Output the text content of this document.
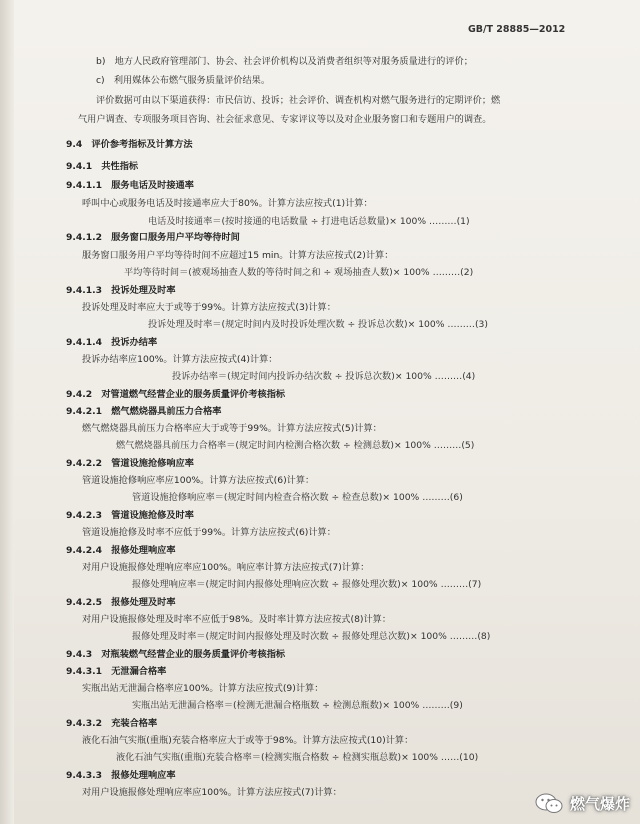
GB/T 28885—2012
b)　地方人民政府管理部门、协会、社会评价机构以及消费者组织等对服务质量进行的评价；
c)　利用媒体公布燃气服务质量评价结果。
评价数据可由以下渠道获得：市民信访、投诉；社会评价、调查机构对燃气服务进行的定期评价；燃
气用户调查、专项服务项目咨询、社会征求意见、专家评议等以及对企业服务窗口和专题用户的调查。
9.4　评价参考指标及计算方法
9.4.1　共性指标
9.4.1.1　服务电话及时接通率
呼叫中心或服务电话及时接通率应大于80%。计算方法应按式(1)计算：
电话及时接通率＝(按时接通的电话数量 ÷ 打进电话总数量)× 100% ………(1)
9.4.1.2　服务窗口服务用户平均等待时间
服务窗口服务用户平均等待时间不应超过15 min。计算方法应按式(2)计算：
平均等待时间＝(被观场抽查人数的等待时间之和 ÷ 观场抽查人数)× 100% ………(2)
9.4.1.3　投诉处理及时率
投诉处理及时率应大于或等于99%。计算方法应按式(3)计算：
投诉处理及时率＝(规定时间内及时投诉处理次数 ÷ 投诉总次数)× 100% ………(3)
9.4.1.4　投诉办结率
投诉办结率应100%。计算方法应按式(4)计算：
投诉办结率＝(规定时间内投诉办结次数 ÷ 投诉总次数)× 100% ………(4)
9.4.2　对管道燃气经营企业的服务质量评价考核指标
9.4.2.1　燃气燃烧器具前压力合格率
燃气燃烧器具前压力合格率应大于或等于99%。计算方法应按式(5)计算：
燃气燃烧器具前压力合格率＝(规定时间内检测合格次数 ÷ 检测总数)× 100% ………(5)
9.4.2.2　管道设施抢修响应率
管道设施抢修响应率应100%。计算方法应按式(6)计算：
管道设施抢修响应率＝(规定时间内检查合格次数 ÷ 检查总数)× 100% ………(6)
9.4.2.3　管道设施抢修及时率
管道设施抢修及时率不应低于99%。计算方法应按式(6)计算：
9.4.2.4　报修处理响应率
对用户设施报修处理响应率应100%。响应率计算方法应按式(7)计算：
报修处理响应率＝(规定时间内报修处理响应次数 ÷ 报修处理次数)× 100% ………(7)
9.4.2.5　报修处理及时率
对用户设施报修处理及时率不应低于98%。及时率计算方法应按式(8)计算：
报修处理及时率＝(规定时间内报修处理及时次数 ÷ 报修处理总次数)× 100% ………(8)
9.4.3　对瓶装燃气经营企业的服务质量评价考核指标
9.4.3.1　无泄漏合格率
实瓶出站无泄漏合格率应100%。计算方法应按式(9)计算：
实瓶出站无泄漏合格率＝(检测无泄漏合格瓶数 ÷ 检测总瓶数)× 100% ………(9)
9.4.3.2　充装合格率
液化石油气实瓶(重瓶)充装合格率应大于或等于98%。计算方法应按式(10)计算：
液化石油气实瓶(重瓶)充装合格率＝(检测实瓶合格数 ÷ 检测实瓶总数)× 100% ……(10)
9.4.3.3　报修处理响应率
对用户设施报修处理响应率应100%。计算方法应按式(7)计算：
燃气爆炸
